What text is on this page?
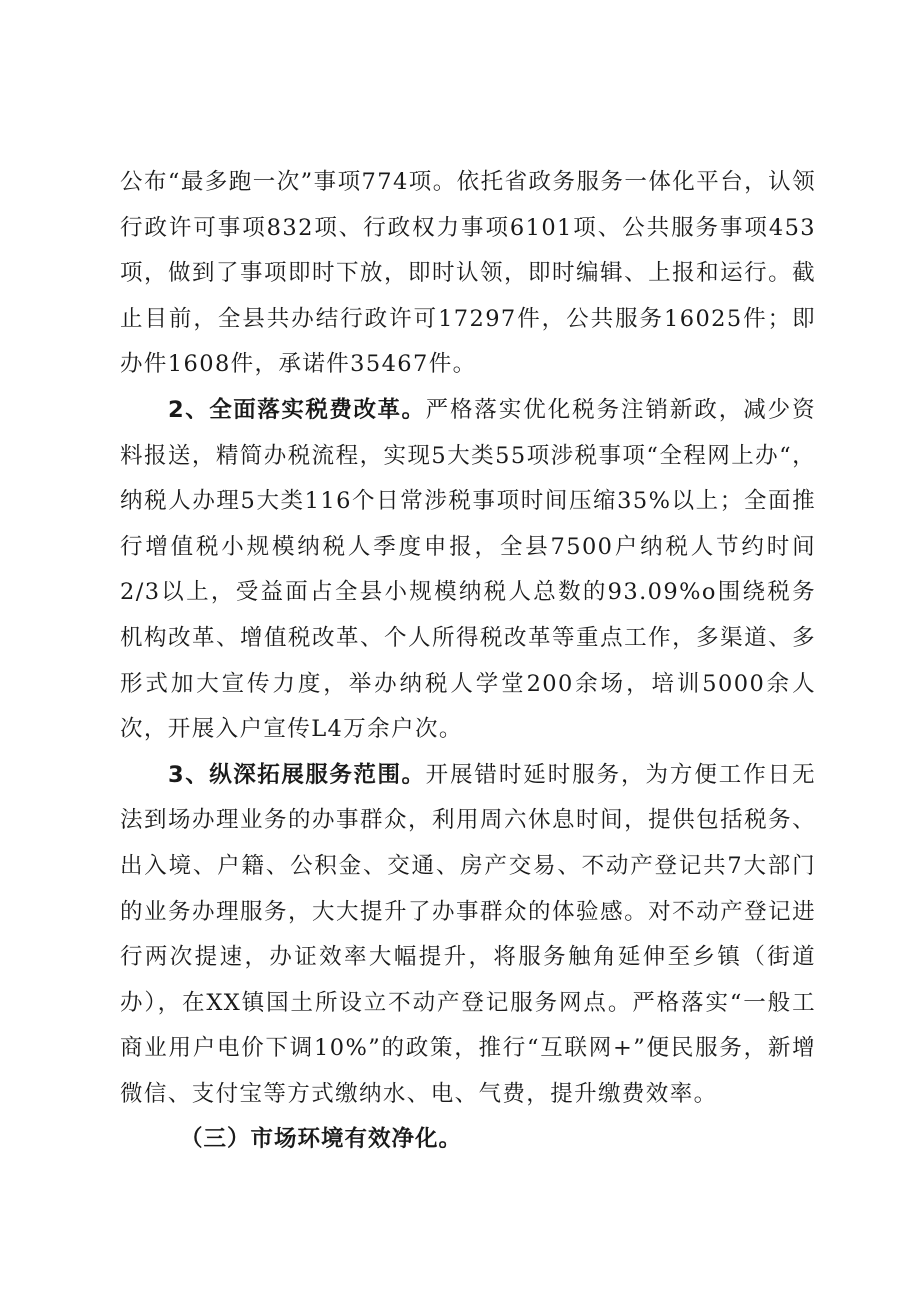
公布“最多跑一次”事项774项。依托省政务服务一体化平台，认领行政许可事项832项、行政权力事项6101项、公共服务事项453项，做到了事项即时下放，即时认领，即时编辑、上报和运行。截止目前，全县共办结行政许可17297件，公共服务16025件；即办件1608件，承诺件35467件。

2、全面落实税费改革。严格落实优化税务注销新政，减少资料报送，精简办税流程，实现5大类55项涉税事项“全程网上办“，纳税人办理5大类116个日常涉税事项时间压缩35%以上；全面推行增值税小规模纳税人季度申报，全县7500户纳税人节约时间2/3以上，受益面占全县小规模纳税人总数的93.09%o围绕税务机构改革、增值税改革、个人所得税改革等重点工作，多渠道、多形式加大宣传力度，举办纳税人学堂200余场，培训5000余人次，开展入户宣传L4万余户次。

3、纵深拓展服务范围。开展错时延时服务，为方便工作日无法到场办理业务的办事群众，利用周六休息时间，提供包括税务、出入境、户籍、公积金、交通、房产交易、不动产登记共7大部门的业务办理服务，大大提升了办事群众的体验感。对不动产登记进行两次提速，办证效率大幅提升，将服务触角延伸至乡镇（街道办），在XX镇国土所设立不动产登记服务网点。严格落实“一般工商业用户电价下调10%”的政策，推行“互联网+”便民服务，新增微信、支付宝等方式缴纳水、电、气费，提升缴费效率。

（三）市场环境有效净化。
